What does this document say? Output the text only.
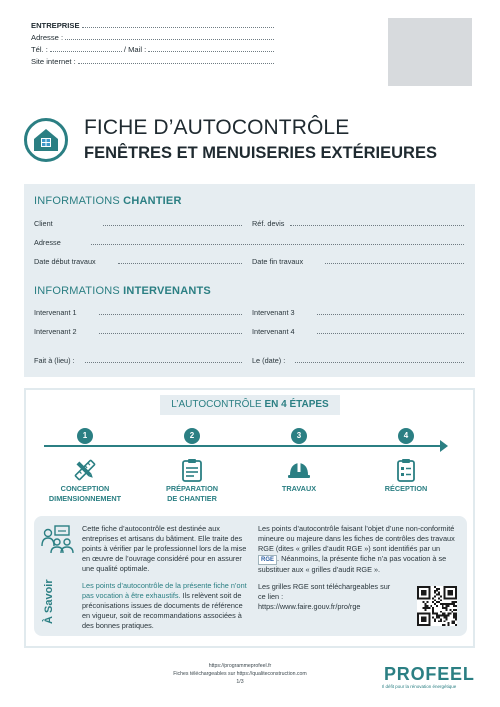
ENTREPRISE
Adresse :
Tél. :	/ Mail :
Site internet :
FICHE D’AUTOCONTRÔLE
FENÊTRES ET MENUISERIES EXTÉRIEURES
INFORMATIONS CHANTIER
Client	Réf. devis
Adresse
Date début travaux	Date fin travaux
INFORMATIONS INTERVENANTS
Intervenant 1	Intervenant 3
Intervenant 2	Intervenant 4
Fait à (lieu) :	Le (date) :
L’AUTOCONTRÔLE EN 4 ÉTAPES
1
CONCEPTION
DIMENSIONNEMENT
2
PRÉPARATION
DE CHANTIER
3
TRAVAUX
4
RÉCEPTION
À Savoir

Cette fiche d’autocontrôle est destinée aux entreprises et artisans du bâtiment. Elle traite des points à vérifier par le professionnel lors de la mise en œuvre de l’ouvrage considéré pour en assurer une qualité optimale.

Les points d’autocontrôle de la présente fiche n’ont pas vocation à être exhaustifs. Ils relèvent soit de préconisations issues de documents de référence en vigueur, soit de recommandations associées à des bonnes pratiques.

Les points d’autocontrôle faisant l’objet d’une non-conformité mineure ou majeure dans les fiches de contrôles des travaux RGE (dites « grilles d’audit RGE ») sont identifiés par un RGE . Néanmoins, la présente fiche n’a pas vocation à se substituer aux « grilles d’audit RGE ».

Les grilles RGE sont téléchargeables sur ce lien :
https://www.faire.gouv.fr/pro/rge

https://programmeprofeel.fr
Fiches téléchargeables sur https://qualiteconstruction.com
1/3	PROFEEL
Il défit pour la rénovation énergétique
